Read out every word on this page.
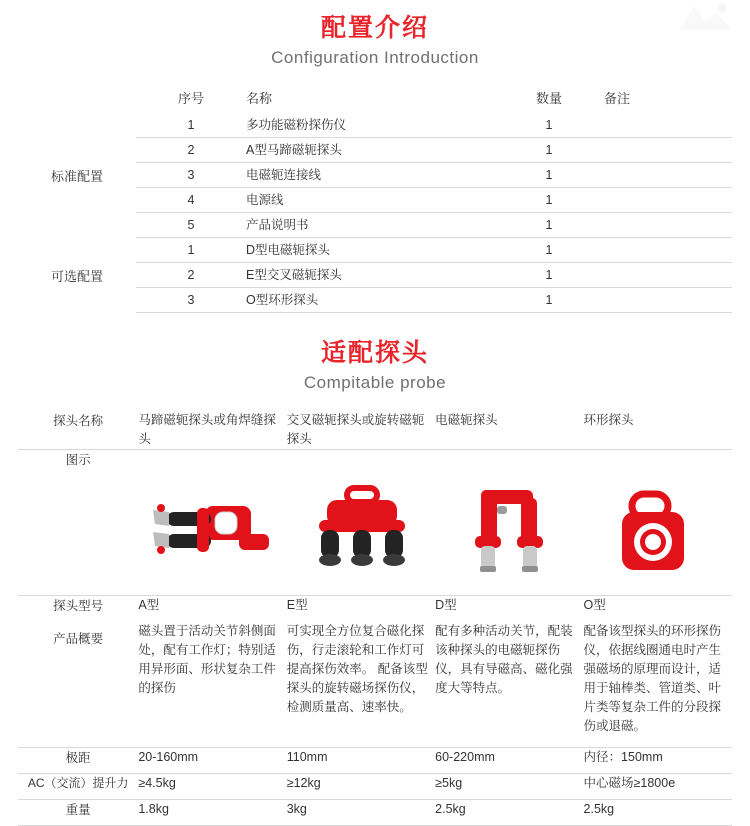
配置介绍
Configuration Introduction
	序号	名称	数量	备注
标准配置	1	多功能磁粉探伤仪	1	
	2	A型马蹄磁轭探头	1	
	3	电磁轭连接线	1	
	4	电源线	1	
	5	产品说明书	1	
可选配置	1	D型电磁轭探头	1	
	2	E型交叉磁轭探头	1	
	3	O型环形探头	1	
适配探头
Compitable probe
探头名称	马蹄磁轭探头或角焊缝探头	交叉磁轭探头或旋转磁轭探头	电磁轭探头	环形探头
图示				

探头型号	A型	E型	D型	O型
产品概要	磁头置于活动关节斜侧面处，配有工作灯；特别适用异形面、形状复杂工件的探伤	可实现全方位复合磁化探伤，行走滚轮和工作灯可提高探伤效率。 配备该型探头的旋转磁场探伤仪，检测质量高、速率快。	配有多种活动关节，配装该种探头的电磁轭探伤仪，具有导磁高、磁化强度大等特点。	配备该型探头的环形探伤仪，依据线圈通电时产生强磁场的原理而设计，适用于轴棒类、管道类、叶片类等复杂工件的分段探伤或退磁。
极距	20-160mm	110mm	60-220mm	内径：150mm
AC（交流）提升力	≥4.5kg	≥12kg	≥5kg	中心磁场≥1800e
重量	1.8kg	3kg	2.5kg	2.5kg
